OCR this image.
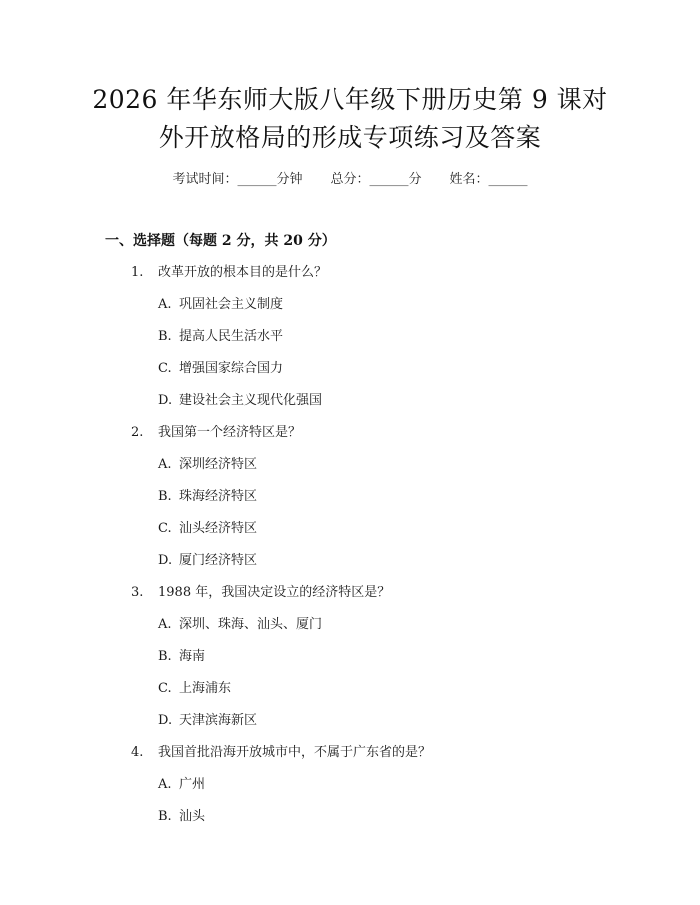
2026 年华东师大版八年级下册历史第 9 课对
外开放格局的形成专项练习及答案
考试时间：______分钟 总分：______分 姓名：______
一、选择题（每题 2 分，共 20 分）
1. 改革开放的根本目的是什么？
A. 巩固社会主义制度
B. 提高人民生活水平
C. 增强国家综合国力
D. 建设社会主义现代化强国
2. 我国第一个经济特区是？
A. 深圳经济特区
B. 珠海经济特区
C. 汕头经济特区
D. 厦门经济特区
3. 1988 年，我国决定设立的经济特区是？
A. 深圳、珠海、汕头、厦门
B. 海南
C. 上海浦东
D. 天津滨海新区
4. 我国首批沿海开放城市中，不属于广东省的是？
A. 广州
B. 汕头
